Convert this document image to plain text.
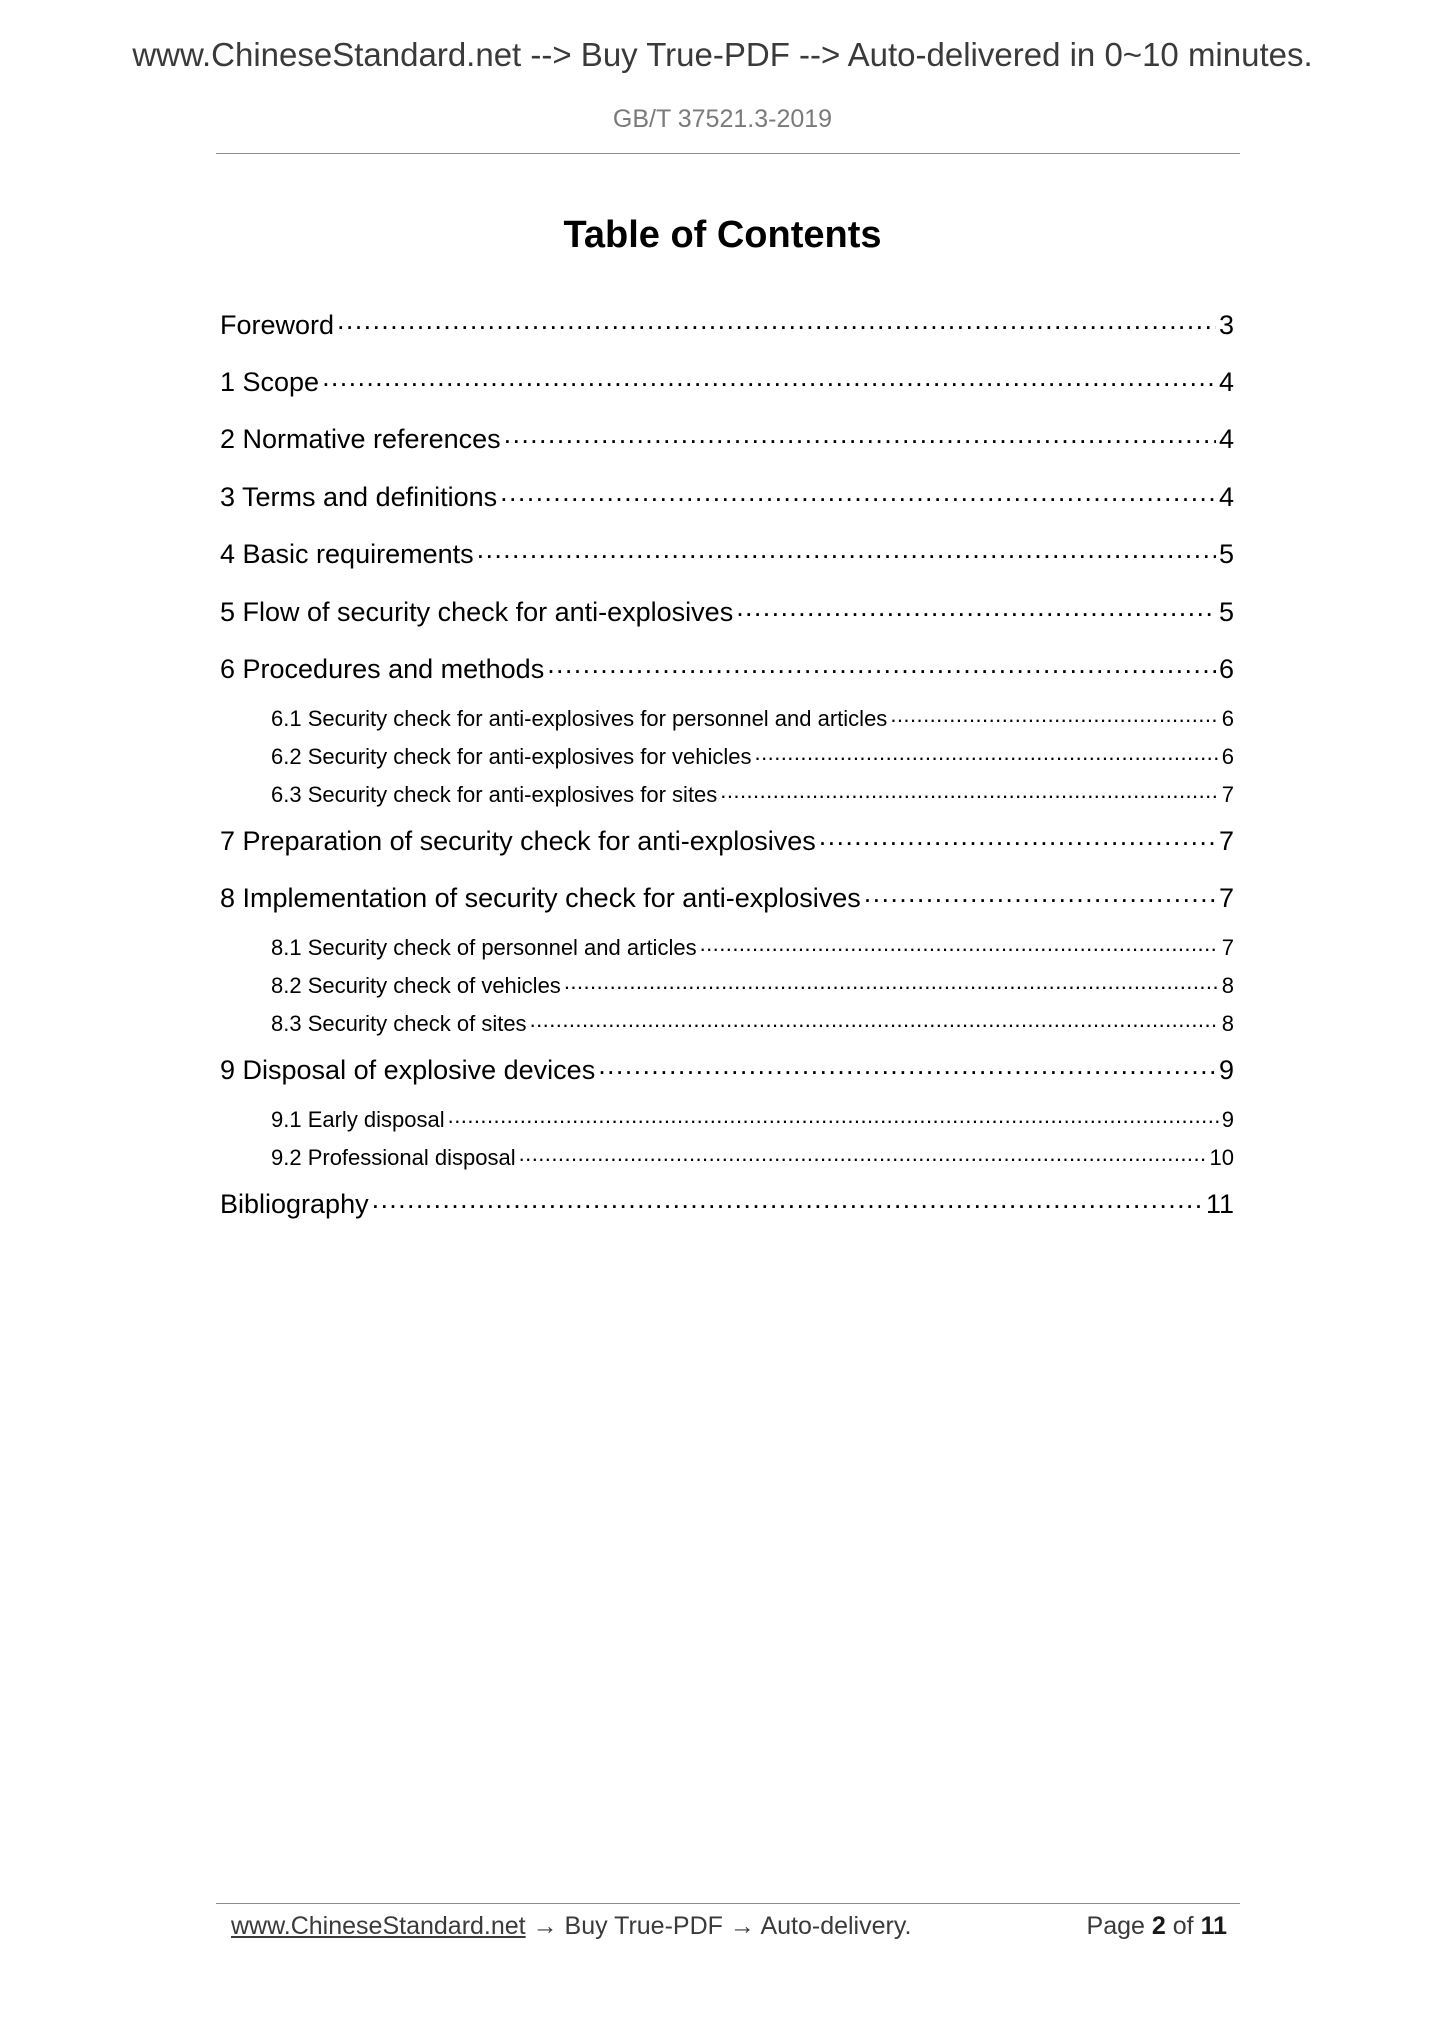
www.ChineseStandard.net --> Buy True-PDF --> Auto-delivered in 0~10 minutes.
GB/T 37521.3-2019
Table of Contents
Foreword .....	3
1 Scope .....	4
2 Normative references .....	4
3 Terms and definitions .....	4
4 Basic requirements .....	5
5 Flow of security check for anti-explosives .....	5
6 Procedures and methods .....	6
6.1 Security check for anti-explosives for personnel and articles .....	6
6.2 Security check for anti-explosives for vehicles .....	6
6.3 Security check for anti-explosives for sites .....	7
7 Preparation of security check for anti-explosives .....	7
8 Implementation of security check for anti-explosives .....	7
8.1 Security check of personnel and articles .....	7
8.2 Security check of vehicles .....	8
8.3 Security check of sites .....	8
9 Disposal of explosive devices .....	9
9.1 Early disposal .....	9
9.2 Professional disposal .....	10
Bibliography .....	11
www.ChineseStandard.net → Buy True-PDF → Auto-delivery.	Page 2 of 11
